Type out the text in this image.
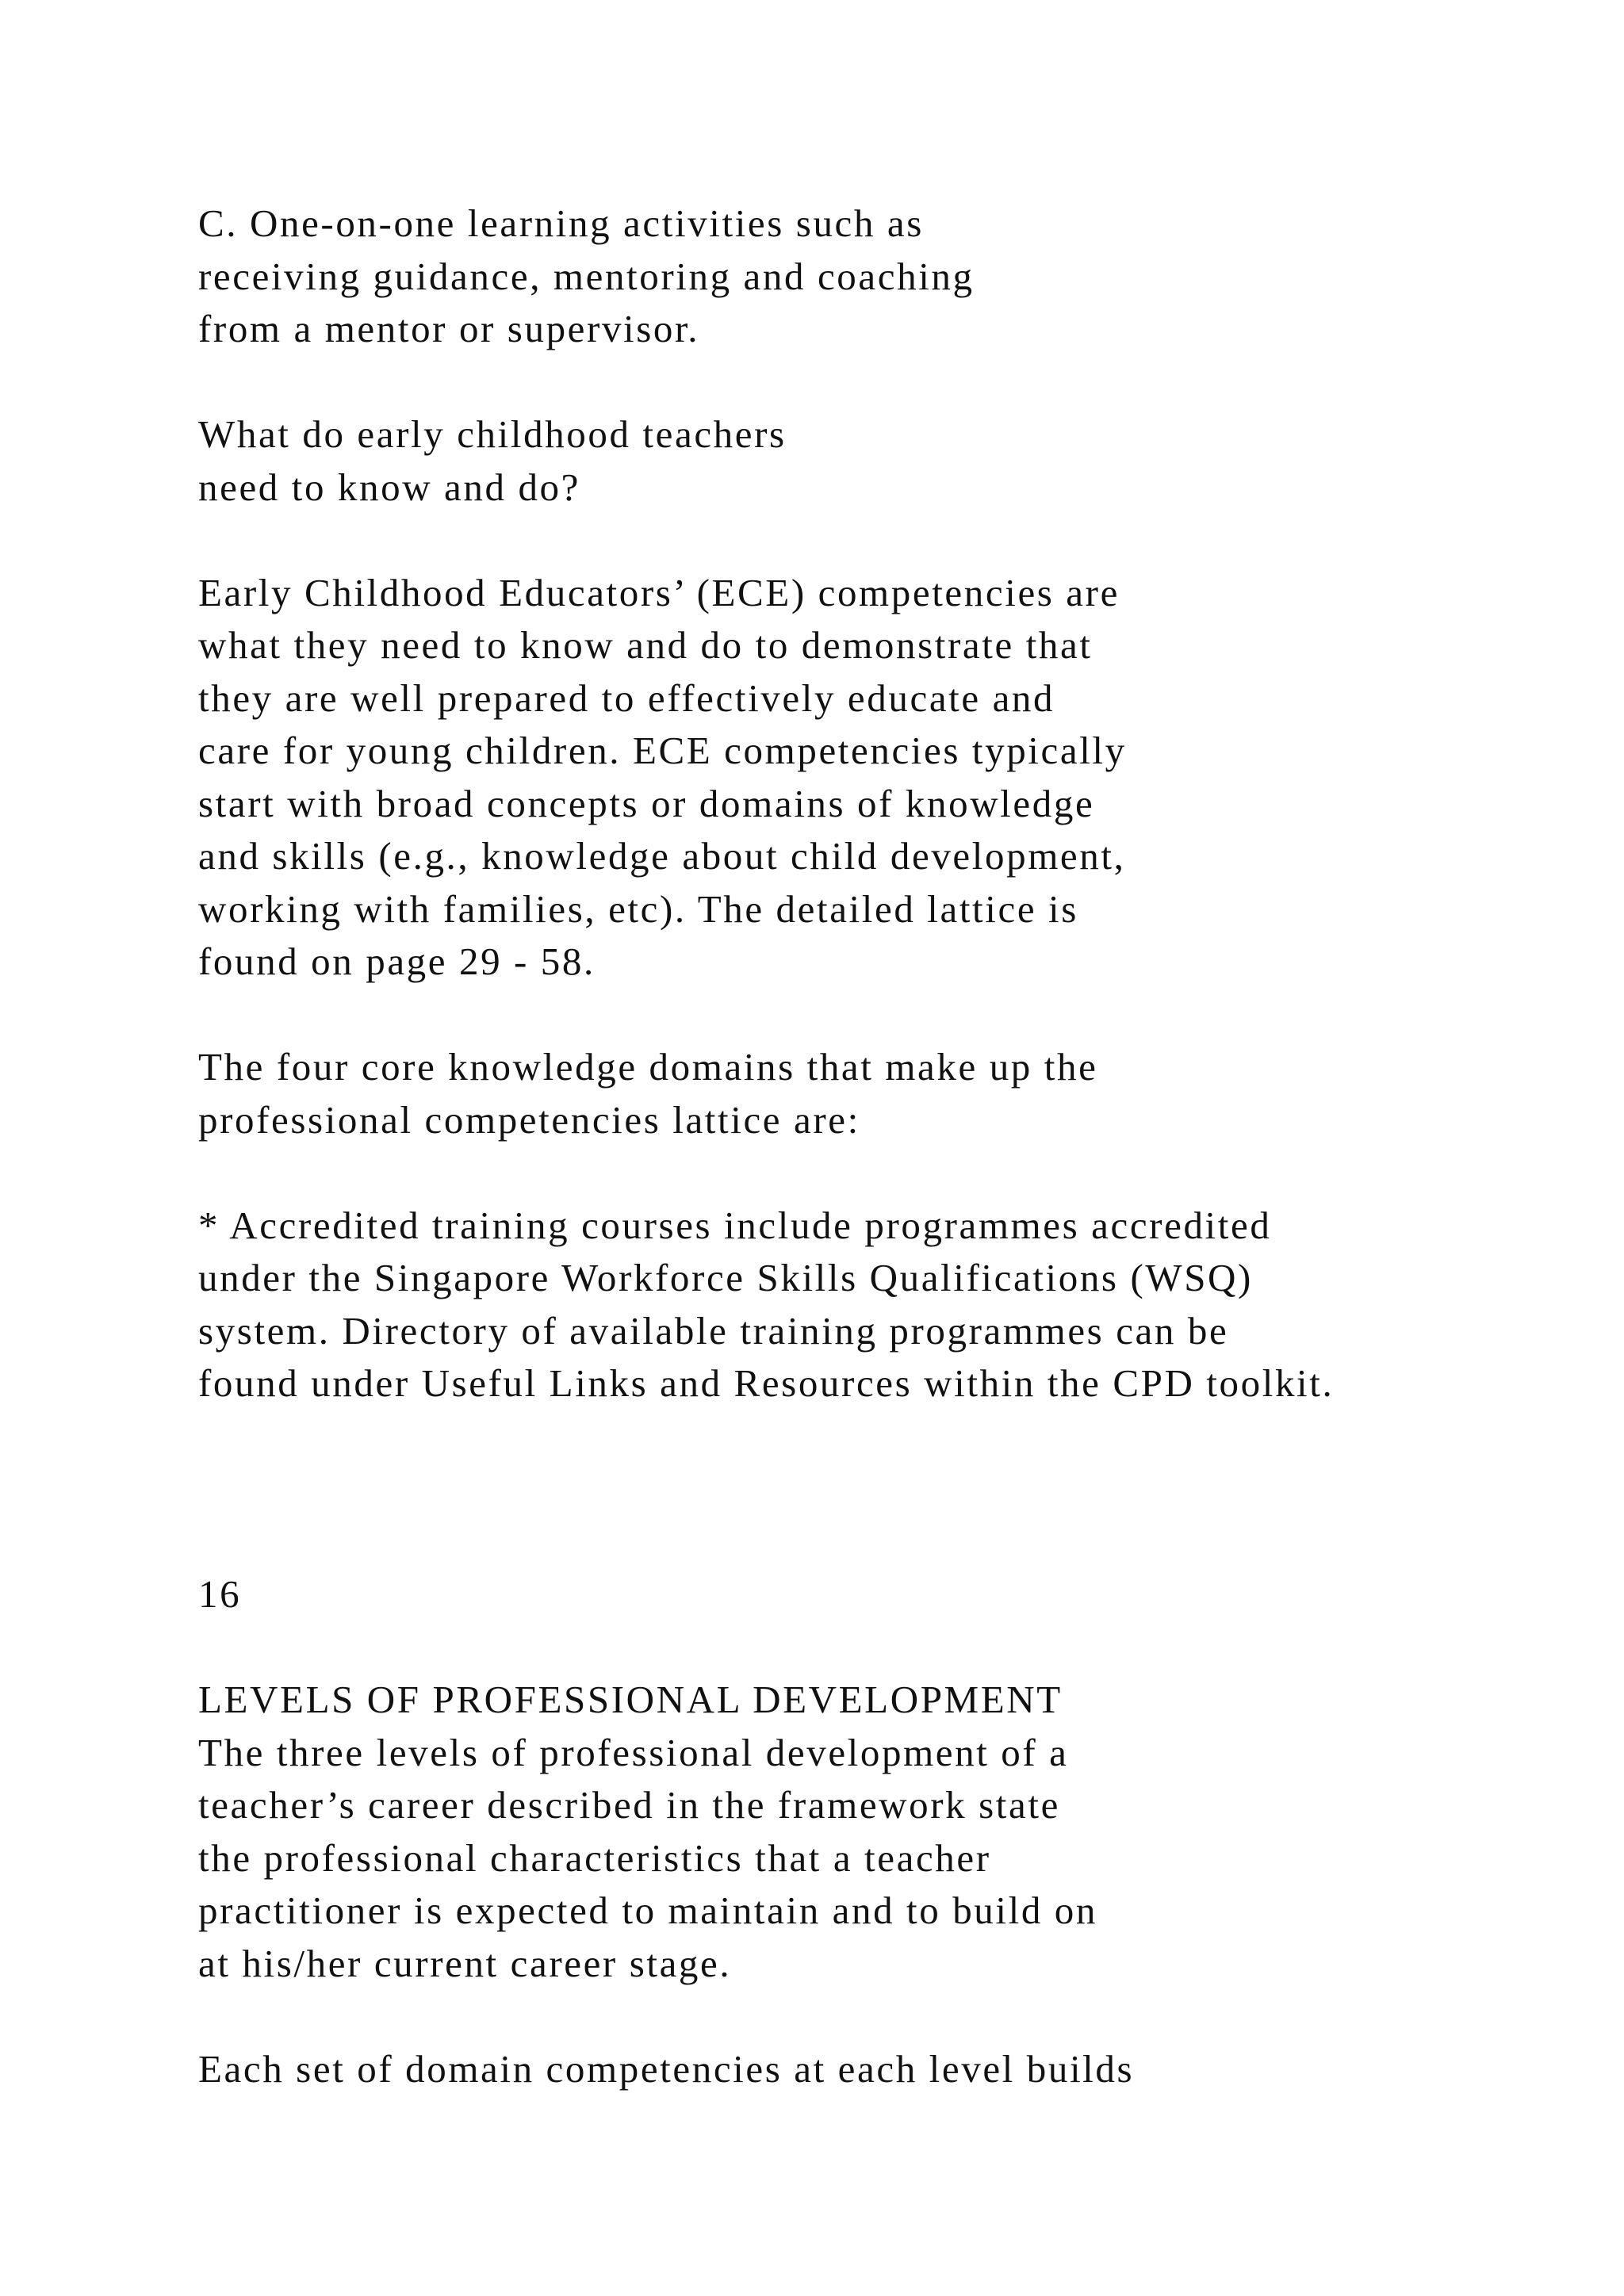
C. One-on-one learning activities such as
receiving guidance, mentoring and coaching
from a mentor or supervisor.
What do early childhood teachers
need to know and do?
Early Childhood Educators’ (ECE) competencies are
what they need to know and do to demonstrate that
they are well prepared to effectively educate and
care for young children. ECE competencies typically
start with broad concepts or domains of knowledge
and skills (e.g., knowledge about child development,
working with families, etc). The detailed lattice is
found on page 29 - 58.
The four core knowledge domains that make up the
professional competencies lattice are:
* Accredited training courses include programmes accredited
under the Singapore Workforce Skills Qualifications (WSQ)
system. Directory of available training programmes can be
found under Useful Links and Resources within the CPD toolkit.
16
LEVELS OF PROFESSIONAL DEVELOPMENT
The three levels of professional development of a
teacher’s career described in the framework state
the professional characteristics that a teacher
practitioner is expected to maintain and to build on
at his/her current career stage.
Each set of domain competencies at each level builds
